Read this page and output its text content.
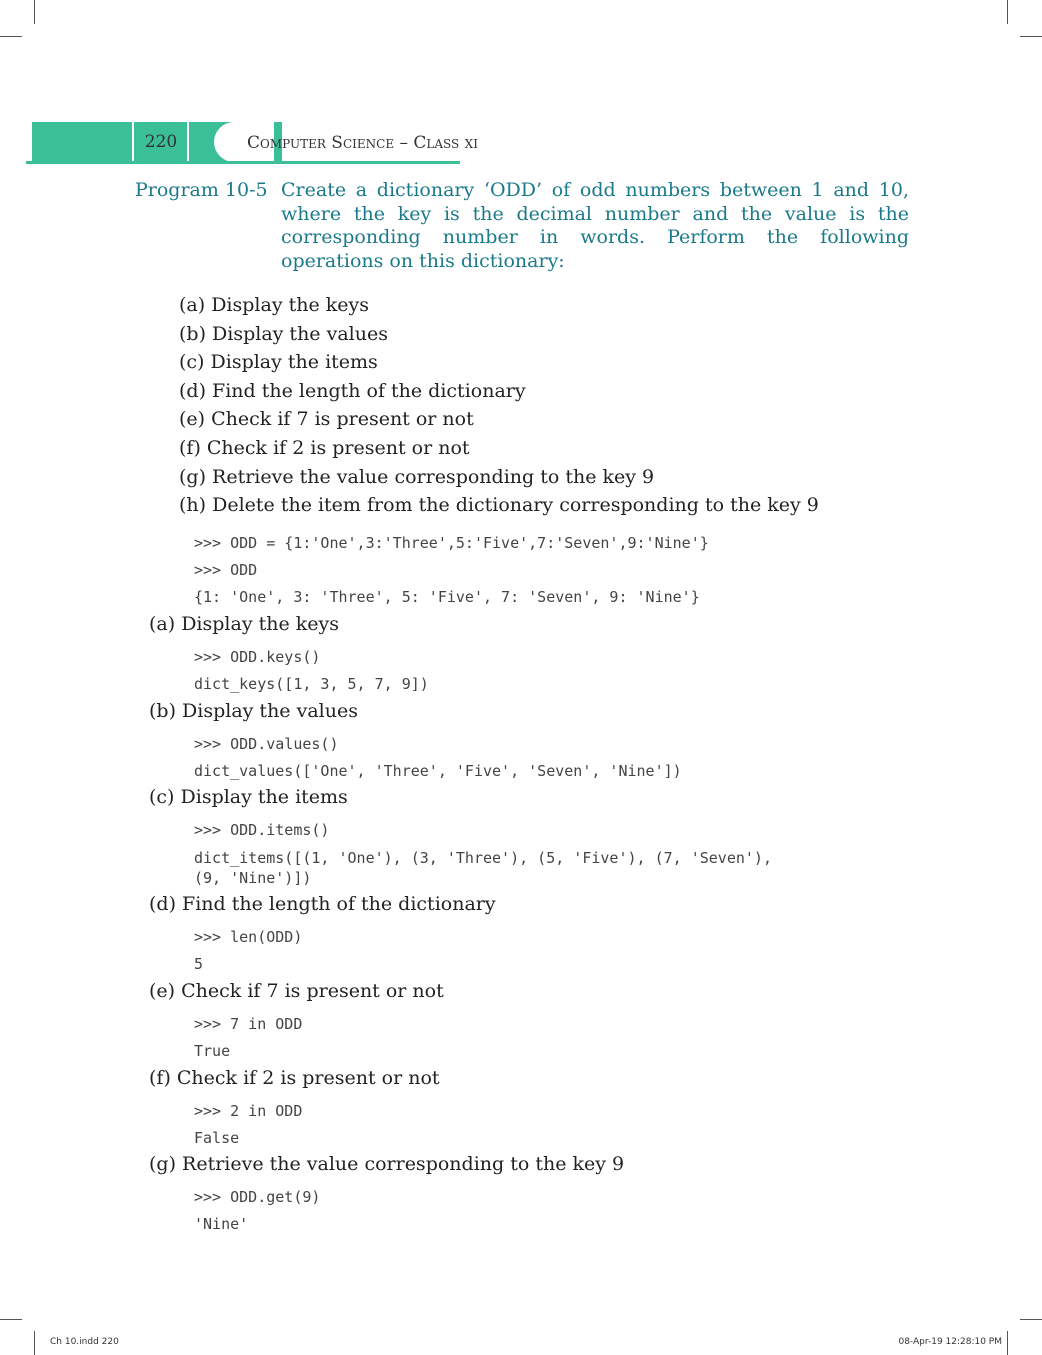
220	Computer Science – Class xi
Program 10-5 Create a dictionary ‘ODD’ of odd numbers between 1 and 10, where the key is the decimal number and the value is the corresponding number in words. Perform the following operations on this dictionary:
(a) Display the keys
(b) Display the values
(c) Display the items
(d) Find the length of the dictionary
(e) Check if 7 is present or not
(f) Check if 2 is present or not
(g) Retrieve the value corresponding to the key 9
(h) Delete the item from the dictionary corresponding to the key 9
>>> ODD = {1:'One',3:'Three',5:'Five',7:'Seven',9:'Nine'}
>>> ODD
{1: 'One', 3: 'Three', 5: 'Five', 7: 'Seven', 9: 'Nine'}
(a) Display the keys
>>> ODD.keys()
dict_keys([1, 3, 5, 7, 9])
(b) Display the values
>>> ODD.values()
dict_values(['One', 'Three', 'Five', 'Seven', 'Nine'])
(c) Display the items
>>> ODD.items()
dict_items([(1, 'One'), (3, 'Three'), (5, 'Five'), (7, 'Seven'),
(9, 'Nine')])
(d) Find the length of the dictionary
>>> len(ODD)
5
(e) Check if 7 is present or not
>>> 7 in ODD
True
(f) Check if 2 is present or not
>>> 2 in ODD
False
(g) Retrieve the value corresponding to the key 9
>>> ODD.get(9)
'Nine'
Ch 10.indd 220	08-Apr-19 12:28:10 PM
